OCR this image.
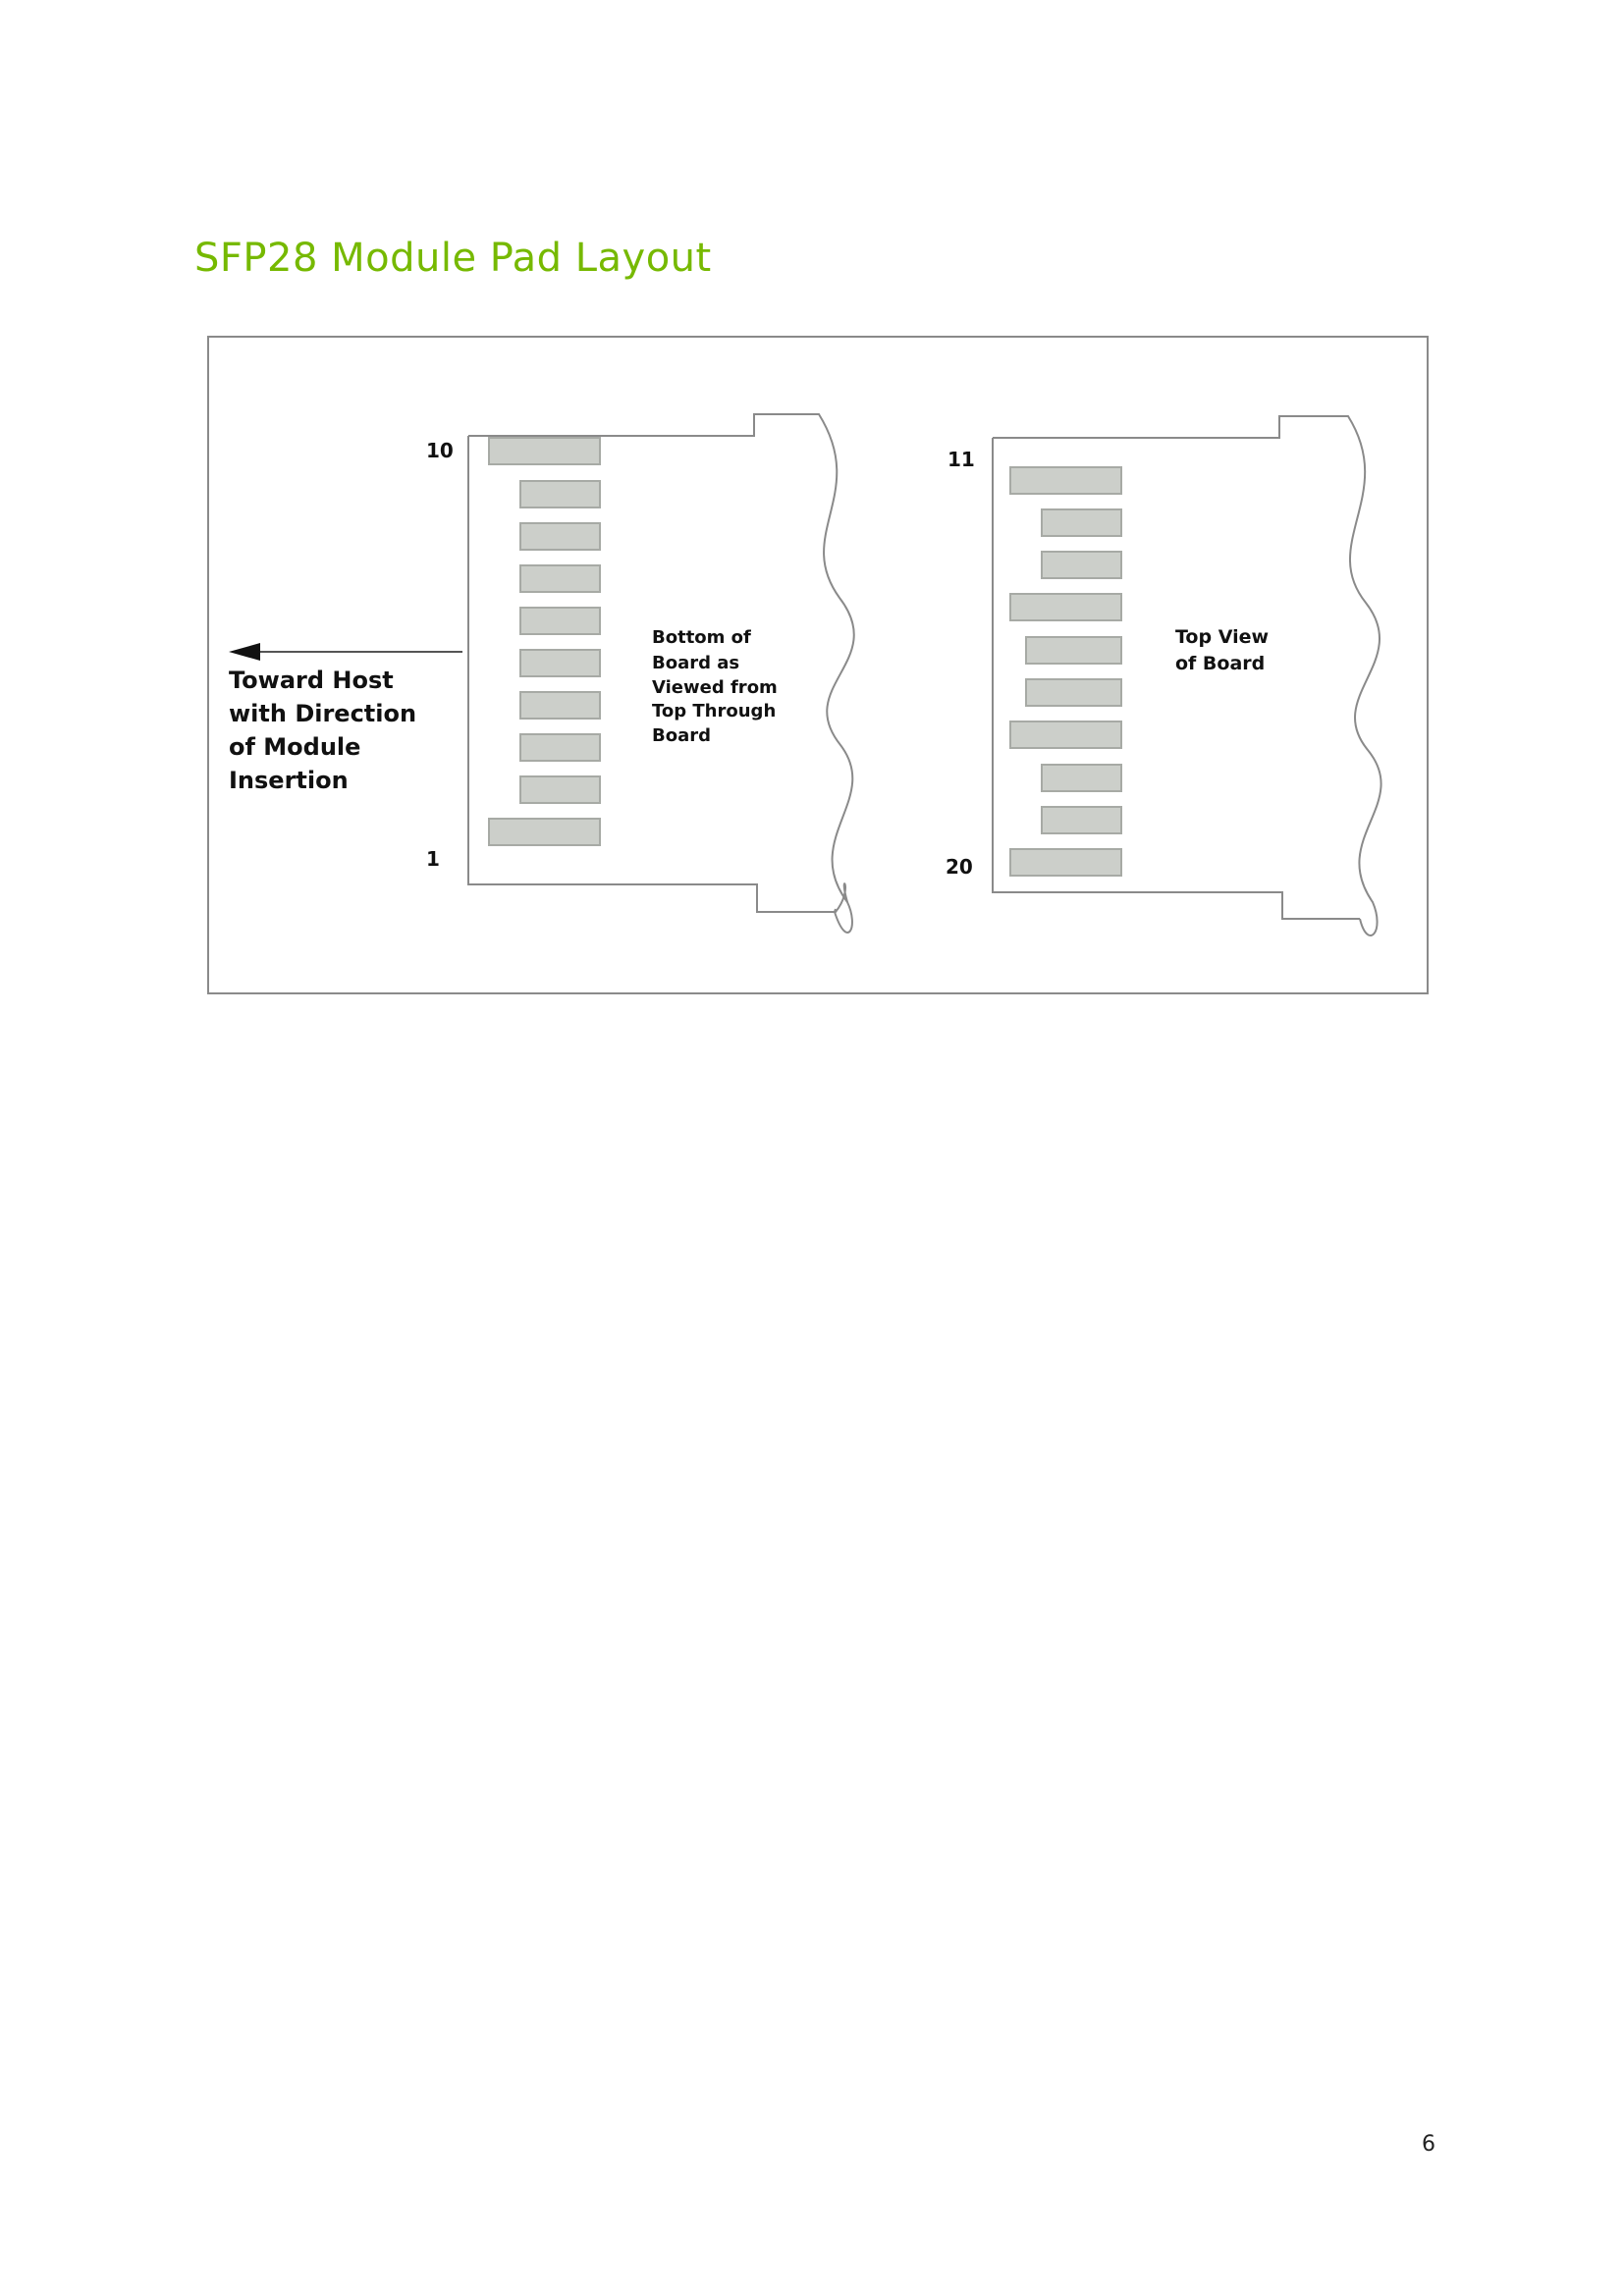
SFP28 Module Pad Layout
10
1
11
20
Toward Host
with Direction
of Module
Insertion
Bottom of
Board as
Viewed from
Top Through
Board
Top View
of Board
6
